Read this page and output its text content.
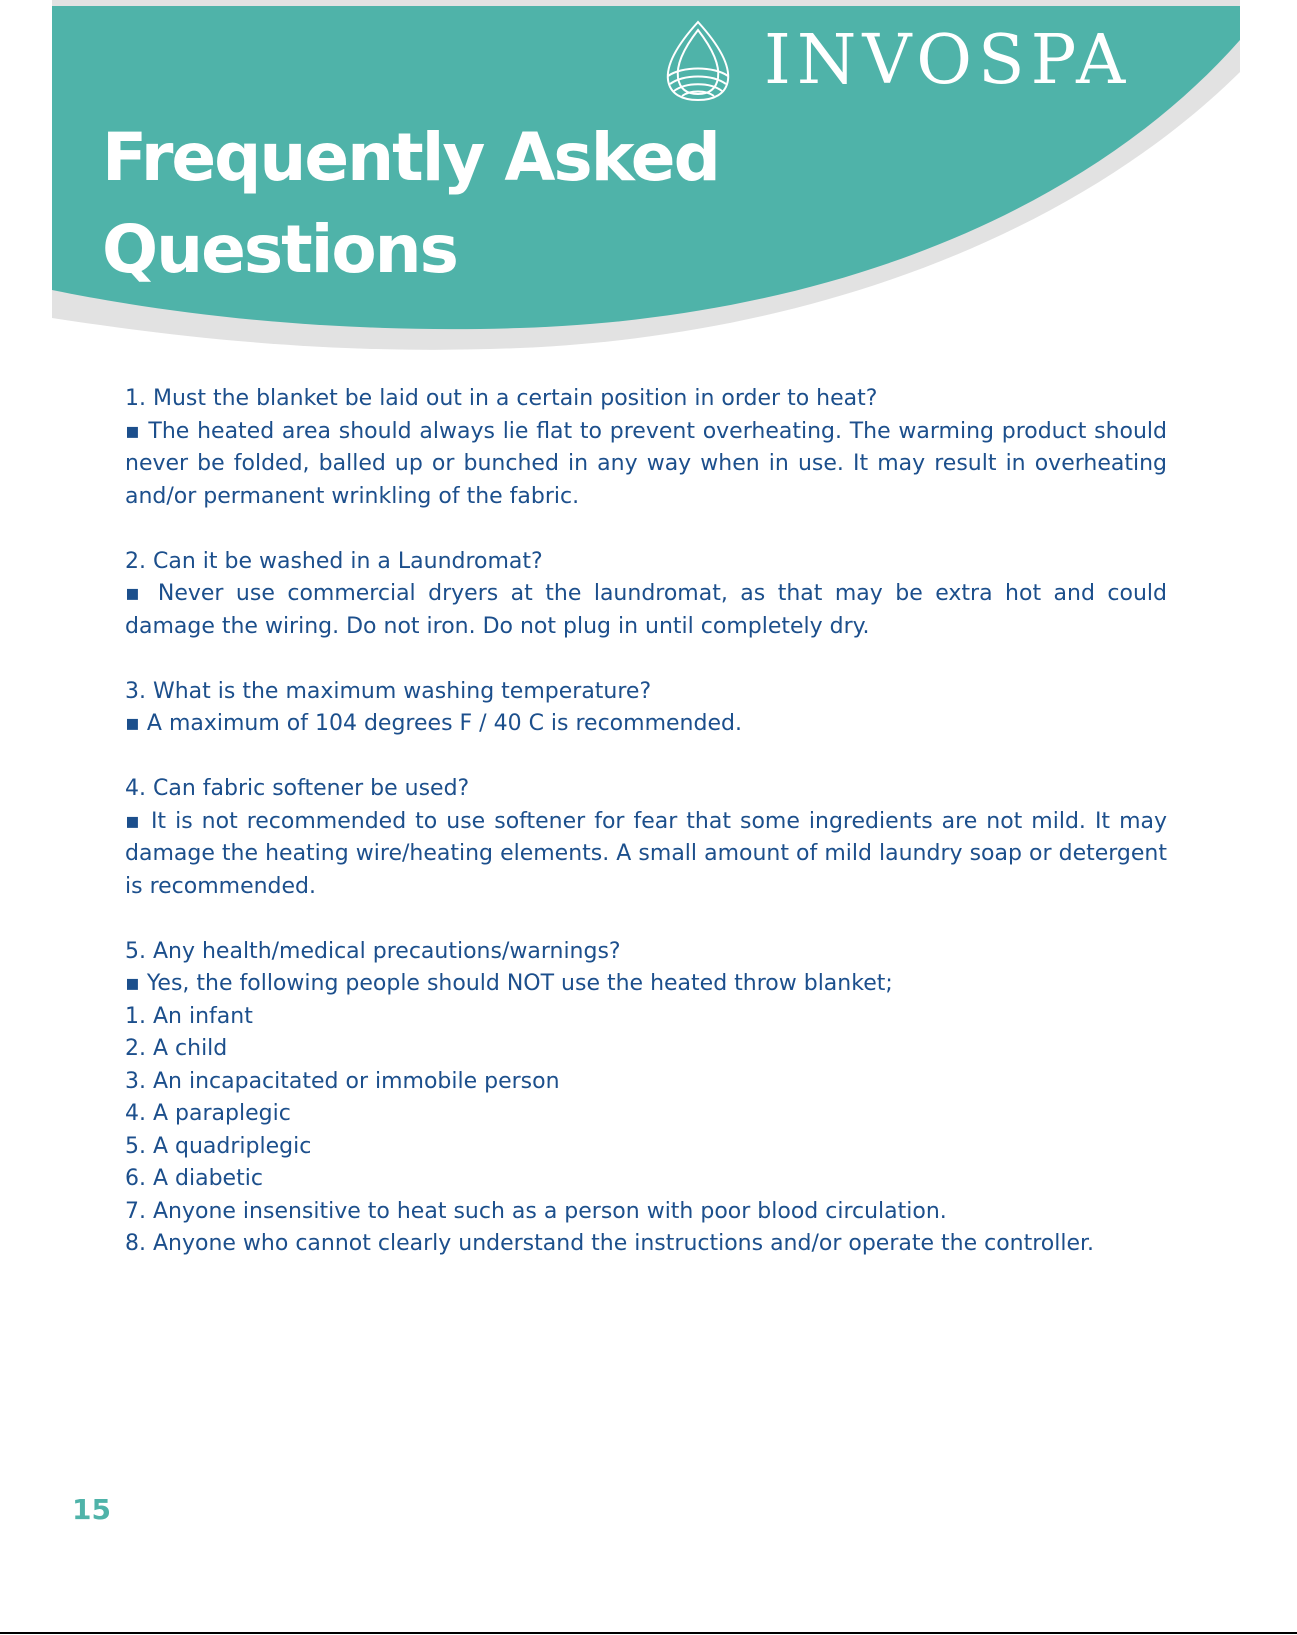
INVOSPA
Frequently Asked
Questions

1. Must the blanket be laid out in a certain position in order to heat?

▪ The heated area should always lie flat to prevent overheating. The warming product should never be folded, balled up or bunched in any way when in use. It may result in overheating and/or permanent wrinkling of the fabric.

2. Can it be washed in a Laundromat?

▪ Never use commercial dryers at the laundromat, as that may be extra hot and could damage the wiring. Do not iron. Do not plug in until completely dry.

3. What is the maximum washing temperature?

▪ A maximum of 104 degrees F / 40 C is recommended.

4. Can fabric softener be used?

▪ It is not recommended to use softener for fear that some ingredients are not mild. It may damage the heating wire/heating elements. A small amount of mild laundry soap or detergent is recommended.

5. Any health/medical precautions/warnings?

▪ Yes, the following people should NOT use the heated throw blanket;

1. An infant

2. A child

3. An incapacitated or immobile person

4. A paraplegic

5. A quadriplegic

6. A diabetic

7. Anyone insensitive to heat such as a person with poor blood circulation.

8. Anyone who cannot clearly understand the instructions and/or operate the controller.

15
